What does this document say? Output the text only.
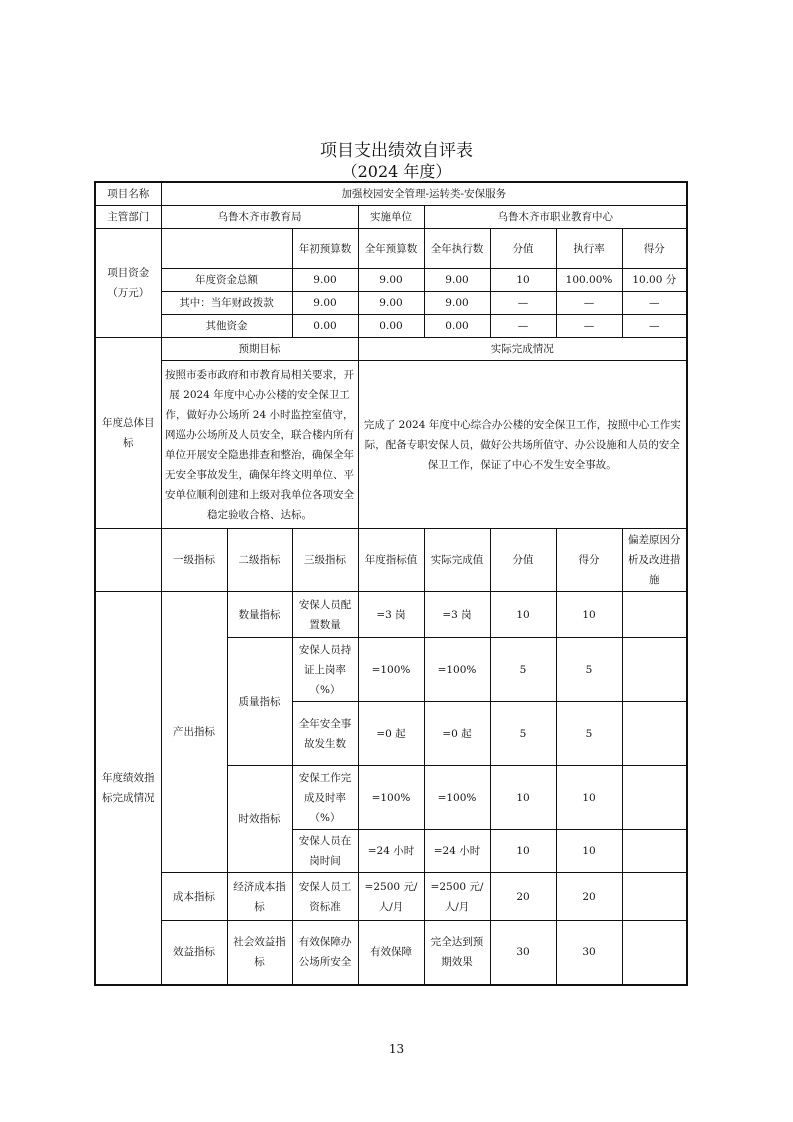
项目支出绩效自评表
（2024 年度）
项目名称	加强校园安全管理-运转类-安保服务							
主管部门	乌鲁木齐市教育局			实施单位	乌鲁木齐市职业教育中心			
项目资金（万元）			年初预算数	全年预算数	全年执行数	分值	执行率	得分
	年度资金总额		9.00	9.00	9.00	10	100.00%	10.00 分
	其中：当年财政拨款		9.00	9.00	9.00	—	—	—
	其他资金		0.00	0.00	0.00	—	—	—
年度总体目标	预期目标			实际完成情况				
	按照市委市政府和市教育局相关要求，开展 2024 年度中心办公楼的安全保卫工作，做好办公场所 24 小时监控室值守，网巡办公场所及人员安全，联合楼内所有单位开展安全隐患排查和整治，确保全年无安全事故发生，确保年终文明单位、平安单位顺利创建和上级对我单位各项安全稳定验收合格、达标。			完成了 2024 年度中心综合办公楼的安全保卫工作，按照中心工作实际，配备专职安保人员，做好公共场所值守、办公设施和人员的安全保卫工作，保证了中心不发生安全事故。				
	一级指标	二级指标	三级指标	年度指标值	实际完成值	分值	得分	偏差原因分析及改进措施
年度绩效指标完成情况	产出指标	数量指标	安保人员配置数量	=3 岗	=3 岗	10	10	
		质量指标	安保人员持证上岗率（%）	=100%	=100%	5	5	
			全年安全事故发生数	=0 起	=0 起	5	5	
		时效指标	安保工作完成及时率（%）	=100%	=100%	10	10	
			安保人员在岗时间	=24 小时	=24 小时	10	10	
	成本指标	经济成本指标	安保人员工资标准	=2500 元/人/月	=2500 元/人/月	20	20	
	效益指标	社会效益指标	有效保障办公场所安全	有效保障	完全达到预期效果	30	30	
13
